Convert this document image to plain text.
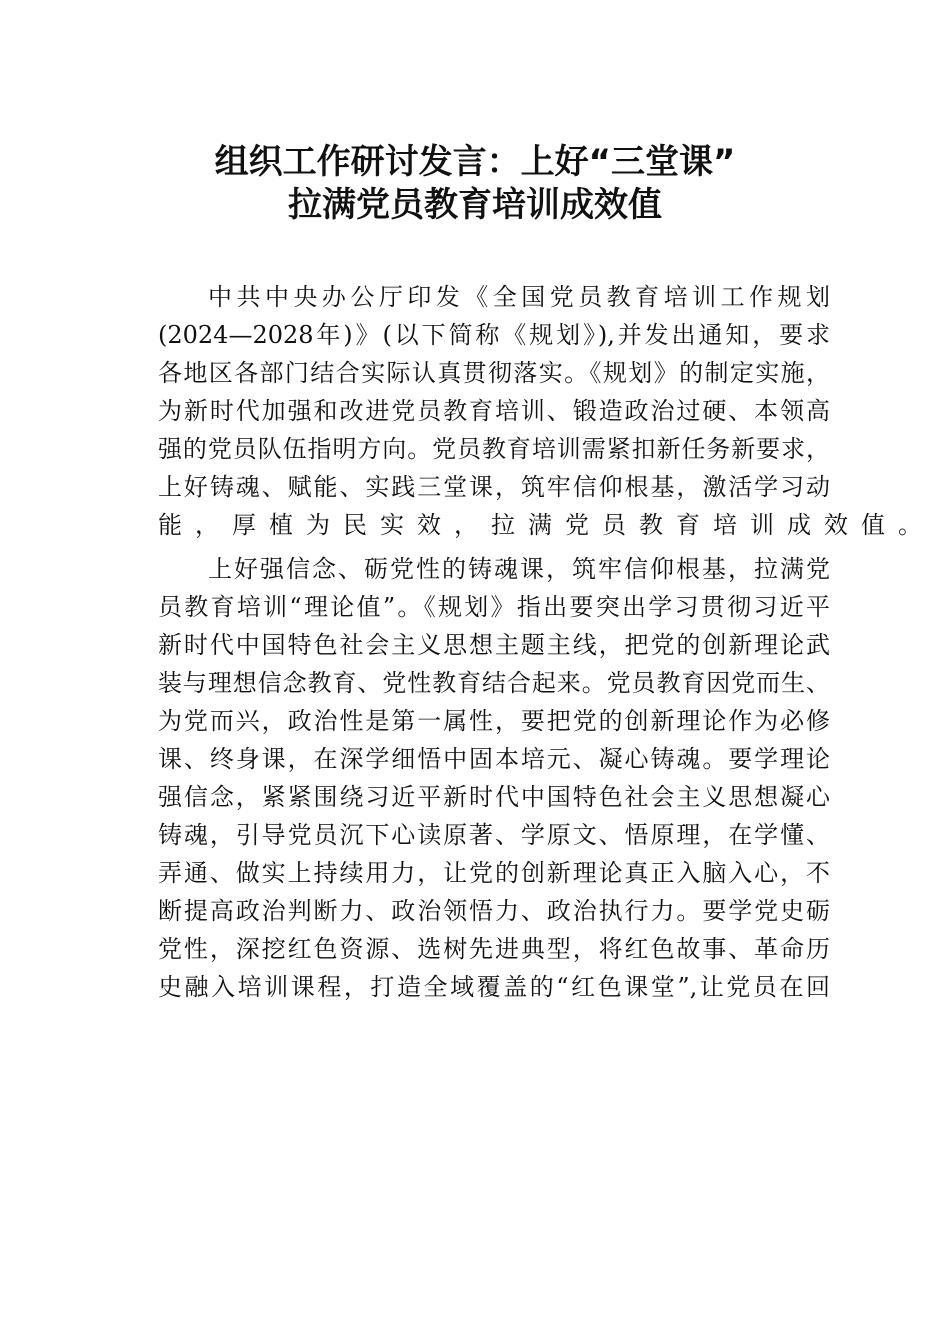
组织工作研讨发言：上好“三堂课”
拉满党员教育培训成效值
中共中央办公厅印发《全国党员教育培训工作规划
(2024—2028年)》(以下简称《规划》),并发出通知，要求
各地区各部门结合实际认真贯彻落实。《规划》的制定实施，
为新时代加强和改进党员教育培训、锻造政治过硬、本领高
强的党员队伍指明方向。党员教育培训需紧扣新任务新要求，
上好铸魂、赋能、实践三堂课，筑牢信仰根基，激活学习动
能，厚植为民实效，拉满党员教育培训成效值。
上好强信念、砺党性的铸魂课，筑牢信仰根基，拉满党
员教育培训“理论值”。《规划》指出要突出学习贯彻习近平
新时代中国特色社会主义思想主题主线，把党的创新理论武
装与理想信念教育、党性教育结合起来。党员教育因党而生、
为党而兴，政治性是第一属性，要把党的创新理论作为必修
课、终身课，在深学细悟中固本培元、凝心铸魂。要学理论
强信念，紧紧围绕习近平新时代中国特色社会主义思想凝心
铸魂，引导党员沉下心读原著、学原文、悟原理，在学懂、
弄通、做实上持续用力，让党的创新理论真正入脑入心，不
断提高政治判断力、政治领悟力、政治执行力。要学党史砺
党性，深挖红色资源、选树先进典型，将红色故事、革命历
史融入培训课程，打造全域覆盖的“红色课堂”,让党员在回
